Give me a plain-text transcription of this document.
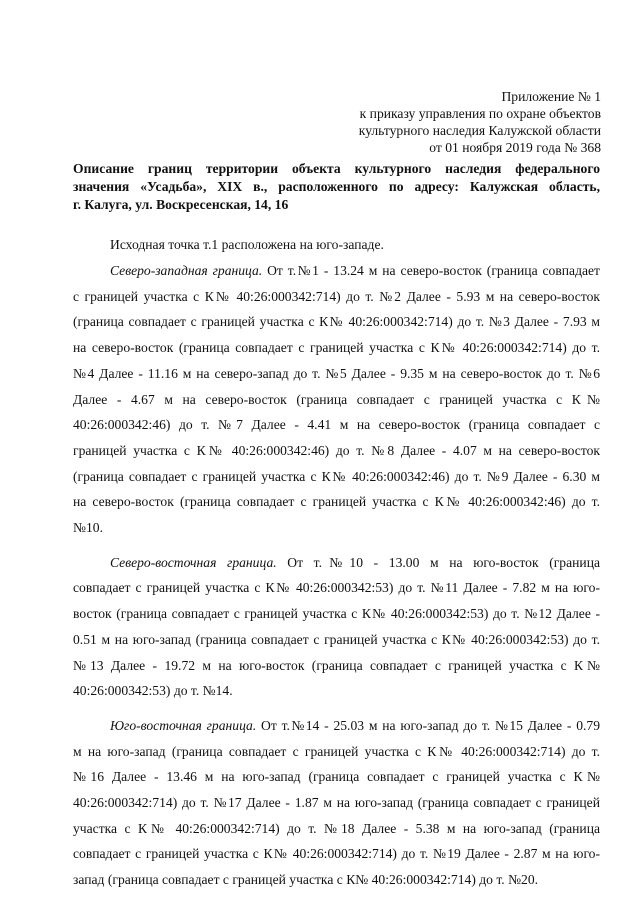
Приложение № 1
к приказу управления по охране объектов
культурного наследия Калужской области
от 01 ноября 2019 года № 368
Описание границ территории объекта культурного наследия федерального
значения «Усадьба», XIX в., расположенного по адресу: Калужская область,
г. Калуга, ул. Воскресенская, 14, 16

Исходная точка т.1 расположена на юго-западе.

Северо-западная граница. От т.№1 - 13.24 м на северо-восток (граница совпадает
с границей участка с К№ 40:26:000342:714) до т. №2 Далее - 5.93 м на северо-восток
(граница совпадает с границей участка с К№ 40:26:000342:714) до т. №3 Далее - 7.93 м
на северо-восток (граница совпадает с границей участка с К№ 40:26:000342:714) до т.
№4 Далее - 11.16 м на северо-запад до т. №5 Далее - 9.35 м на северо-восток до т. №6
Далее - 4.67 м на северо-восток (граница совпадает с границей участка с К№
40:26:000342:46) до т. №7 Далее - 4.41 м на северо-восток (граница совпадает с
границей участка с К№ 40:26:000342:46) до т. №8 Далее - 4.07 м на северо-восток
(граница совпадает с границей участка с К№ 40:26:000342:46) до т. №9 Далее - 6.30 м
на северо-восток (граница совпадает с границей участка с К№ 40:26:000342:46) до т.
№10.

Северо-восточная граница. От т.№10 - 13.00 м на юго-восток (граница
совпадает с границей участка с К№ 40:26:000342:53) до т. №11 Далее - 7.82 м на юго-
восток (граница совпадает с границей участка с К№ 40:26:000342:53) до т. №12 Далее -
0.51 м на юго-запад (граница совпадает с границей участка с К№ 40:26:000342:53) до т.
№13 Далее - 19.72 м на юго-восток (граница совпадает с границей участка с К№
40:26:000342:53) до т. №14.

Юго-восточная граница. От т.№14 - 25.03 м на юго-запад до т. №15 Далее - 0.79
м на юго-запад (граница совпадает с границей участка с К№ 40:26:000342:714) до т.
№16 Далее - 13.46 м на юго-запад (граница совпадает с границей участка с К№
40:26:000342:714) до т. №17 Далее - 1.87 м на юго-запад (граница совпадает с границей
участка с К№ 40:26:000342:714) до т. №18 Далее - 5.38 м на юго-запад (граница
совпадает с границей участка с К№ 40:26:000342:714) до т. №19 Далее - 2.87 м на юго-
запад (граница совпадает с границей участка с К№ 40:26:000342:714) до т. №20.
